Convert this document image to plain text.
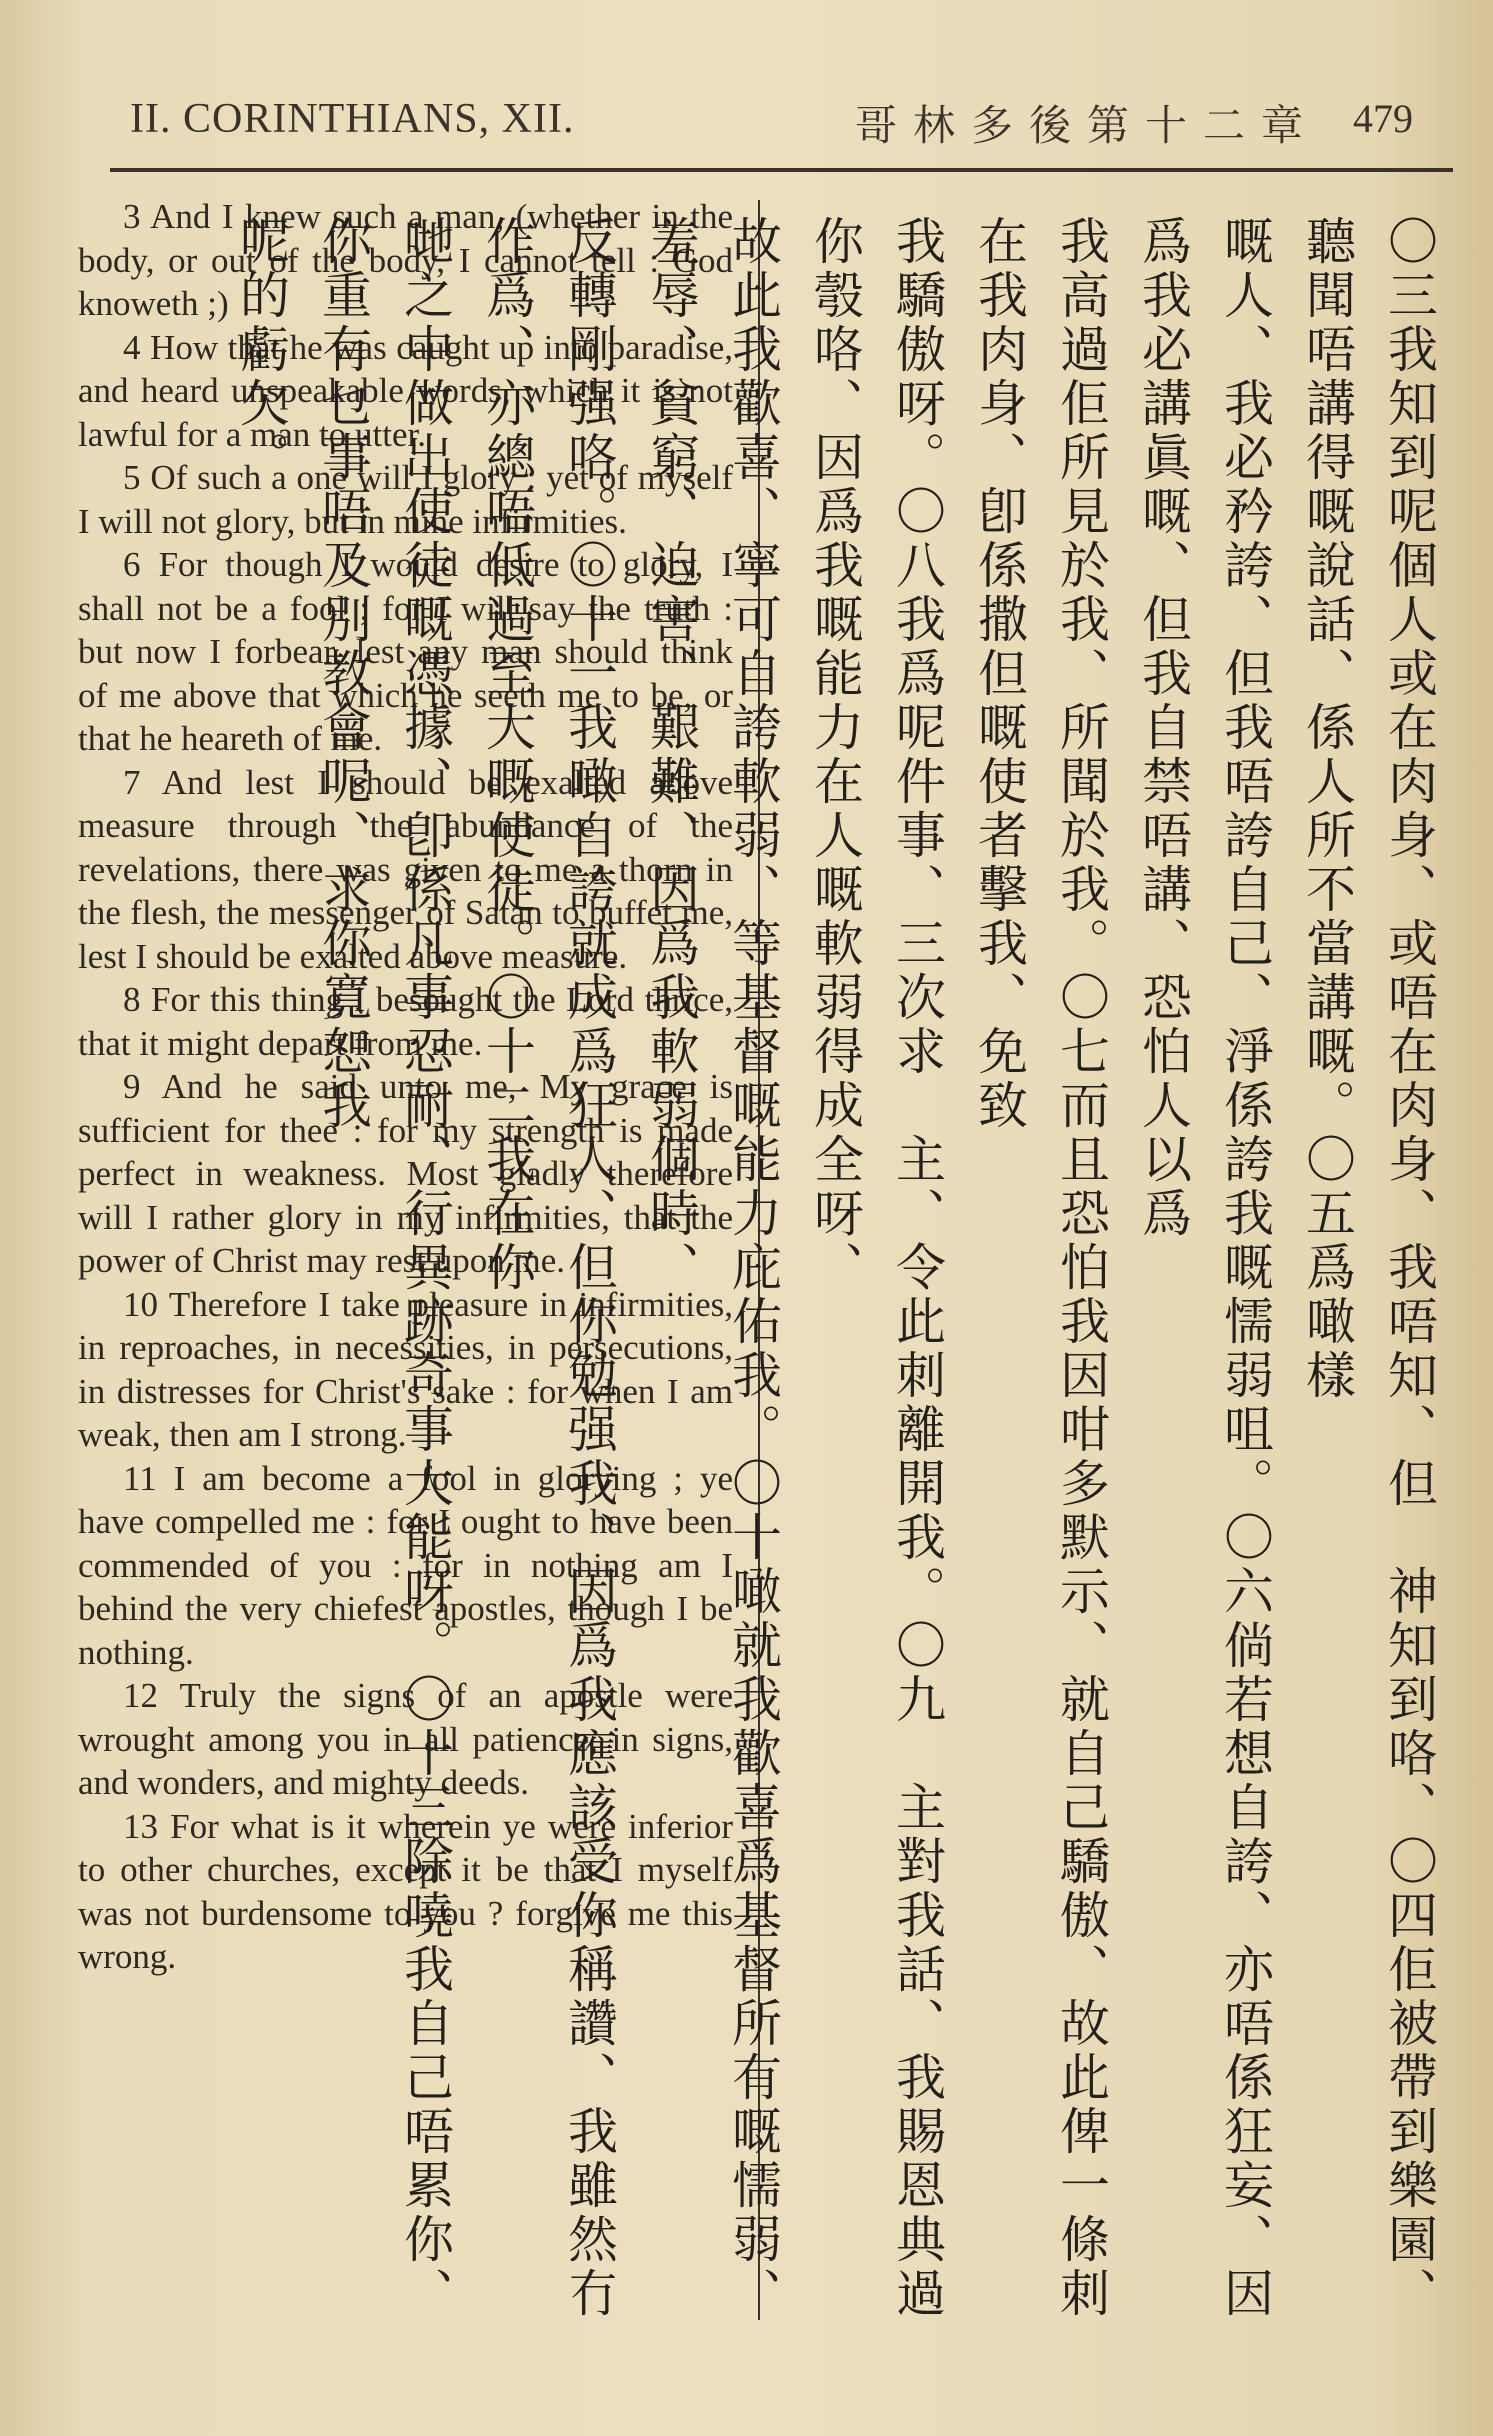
II. CORINTHIANS, XII.	哥林多後第十二章 479

3 And I knew such a man, (whether in the body, or out of the body, I cannot tell : God knoweth ;)

4 How that he was caught up into paradise, and heard unspeakable words, which it is not lawful for a man to utter.

5 Of such a one will I glory : yet of myself I will not glory, but in mine infirmities.

6 For though I would desire to glory, I shall not be a fool ; for I will say the truth : but now I forbear, lest any man should think of me above that which he seeth me to be, or that he heareth of me.

7 And lest I should be exalted above measure through the abundance of the revelations, there was given to me a thorn in the flesh, the messenger of Satan to buffet me, lest I should be exalted above measure.

8 For this thing I besought the Lord thrice, that it might depart from me.

9 And he said unto me, My grace is sufficient for thee : for my strength is made perfect in weakness. Most gladly therefore will I rather glory in my infirmities, that the power of Christ may rest upon me.

10 Therefore I take pleasure in infirmities, in reproaches, in necessities, in persecutions, in distresses for Christ's sake : for when I am weak, then am I strong.

11 I am become a fool in glorying ; ye have compelled me : for I ought to have been commended of you : for in nothing am I behind the very chiefest apostles, though I be nothing.

12 Truly the signs of an apostle were wrought among you in all patience, in signs, and wonders, and mighty deeds.

13 For what is it wherein ye were inferior to other churches, except it be that I myself was not burdensome to you ? forgive me this wrong.	〇三我知到呢個人或在肉身、或唔在肉身、我唔知、但　神知到咯、〇四佢被帶到樂園、聽聞唔講得嘅說話、係人所不當講嘅。〇五爲噉樣

嘅人、我必矜誇、但我唔誇自己、淨係誇我嘅懦弱咀。〇六倘若想自誇、亦唔係狂妄、因爲我必講眞嘅、但我自禁唔講、恐怕人以爲

我高過佢所見於我、所聞於我。〇七而且恐怕我因咁多默示、就自己驕傲、故此俾一條刺在我肉身、卽係撒但嘅使者擊我、免致

我驕傲呀。〇八我爲呢件事、三次求　主、令此刺離開我。〇九　主對我話、我賜恩典過你彀咯、因爲我嘅能力在人嘅軟弱得成全呀、

故此我歡喜、寧可自誇軟弱、等基督嘅能力庇佑我。〇十噉就我歡喜爲基督所有嘅懦弱、羞辱、貧窮、迫害、艱難、因爲我軟弱個時、

反轉剛强咯。〇十一我噉自誇就成爲狂人、但你勉强我、因爲我應該受你稱讚、我雖然冇作爲、亦總唔低過至大嘅使徒。〇十二我在你

哋之中做出使徒嘅憑據、卽係凡事忍耐、行異跡奇事大能呀。〇十三除嘵我自己唔累你、你重有乜事唔及別教會呢、求你寬恕我

呢的虧欠。
